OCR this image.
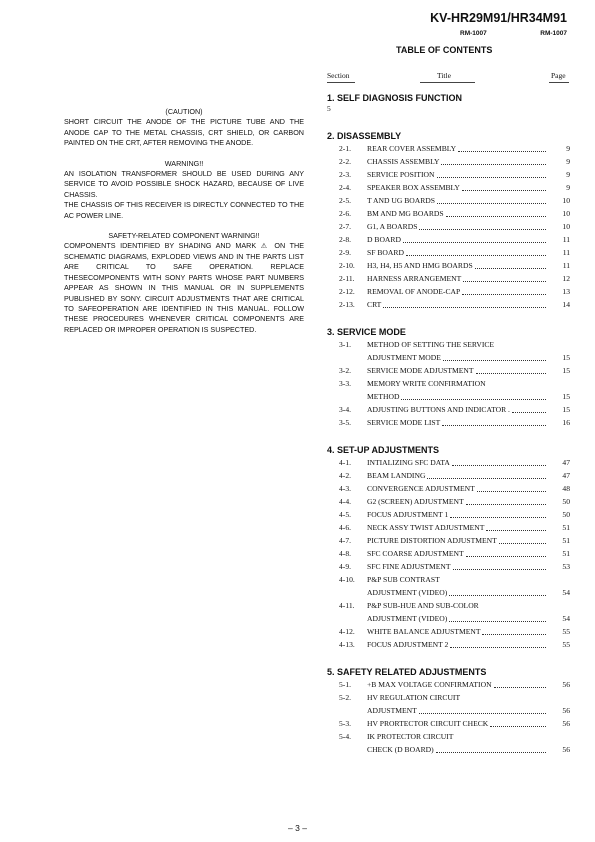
KV-HR29M91/HR34M91
RM-1007	RM-1007
TABLE OF CONTENTS
Section	Title	Page
(CAUTION)
SHORT CIRCUIT THE ANODE OF THE PICTURE TUBE AND THE ANODE CAP TO THE METAL CHASSIS, CRT SHIELD, OR CARBON PAINTED ON THE CRT, AFTER REMOVING THE ANODE.
WARNING!!
AN ISOLATION TRANSFORMER SHOULD BE USED DURING ANY SERVICE TO AVOID POSSIBLE SHOCK HAZARD, BECAUSE OF LIVE CHASSIS.
THE CHASSIS OF THIS RECEIVER IS DIRECTLY CONNECTED TO THE AC POWER LINE.
SAFETY-RELATED COMPONENT WARNING!!
COMPONENTS IDENTIFIED BY SHADING AND MARK ⚠ ON THE SCHEMATIC DIAGRAMS, EXPLODED VIEWS AND IN THE PARTS LIST ARE CRITICAL TO SAFE OPERATION. REPLACE THESECOMPONENTS WITH SONY PARTS WHOSE PART NUMBERS APPEAR AS SHOWN IN THIS MANUAL OR IN SUPPLEMENTS PUBLISHED BY SONY. CIRCUIT ADJUSTMENTS THAT ARE CRITICAL TO SAFEOPERATION ARE IDENTIFIED IN THIS MANUAL. FOLLOW THESE PROCEDURES WHENEVER CRITICAL COMPONENTS ARE REPLACED OR IMPROPER OPERATION IS SUSPECTED.
1. SELF DIAGNOSIS FUNCTION
5
2. DISASSEMBLY
2-1.	REAR COVER ASSEMBLY	9
2-2.	CHASSIS ASSEMBLY	9
2-3.	SERVICE POSITION	9
2-4.	SPEAKER BOX ASSEMBLY	9
2-5.	T AND UG BOARDS	10
2-6.	BM AND MG BOARDS	10
2-7.	G1, A BOARDS	10
2-8.	D BOARD	11
2-9.	SF BOARD	11
2-10.	H3, H4, H5 AND HMG BOARDS	11
2-11.	HARNESS ARRANGEMENT	12
2-12.	REMOVAL OF ANODE-CAP	13
2-13.	CRT	14
3. SERVICE MODE
3-1.	METHOD OF SETTING THE SERVICE
ADJUSTMENT MODE	15
3-2.	SERVICE MODE ADJUSTMENT	15
3-3.	MEMORY WRITE CONFIRMATION
METHOD	15
3-4.	ADJUSTING BUTTONS AND INDICATOR .	15
3-5.	SERVICE MODE LIST	16
4. SET-UP ADJUSTMENTS
4-1.	INTIALIZING SFC DATA	47
4-2.	BEAM LANDING	47
4-3.	CONVERGENCE ADJUSTMENT	48
4-4.	G2 (SCREEN) ADJUSTMENT	50
4-5.	FOCUS ADJUSTMENT 1	50
4-6.	NECK ASSY TWIST ADJUSTMENT	51
4-7.	PICTURE DISTORTION ADJUSTMENT	51
4-8.	SFC COARSE ADJUSTMENT	51
4-9.	SFC FINE ADJUSTMENT	53
4-10.	P&P SUB CONTRAST
ADJUSTMENT (VIDEO)	54
4-11.	P&P SUB-HUE AND SUB-COLOR
ADJUSTMENT (VIDEO)	54
4-12.	WHITE BALANCE ADJUSTMENT	55
4-13.	FOCUS ADJUSTMENT 2	55
5. SAFETY RELATED ADJUSTMENTS
5-1.	+B MAX VOLTAGE CONFIRMATION	56
5-2.	HV REGULATION CIRCUIT
ADJUSTMENT	56
5-3.	HV PRORTECTOR CIRCUIT CHECK	56
5-4.	IK PROTECTOR CIRCUIT
CHECK (D BOARD)	56
– 3 –
